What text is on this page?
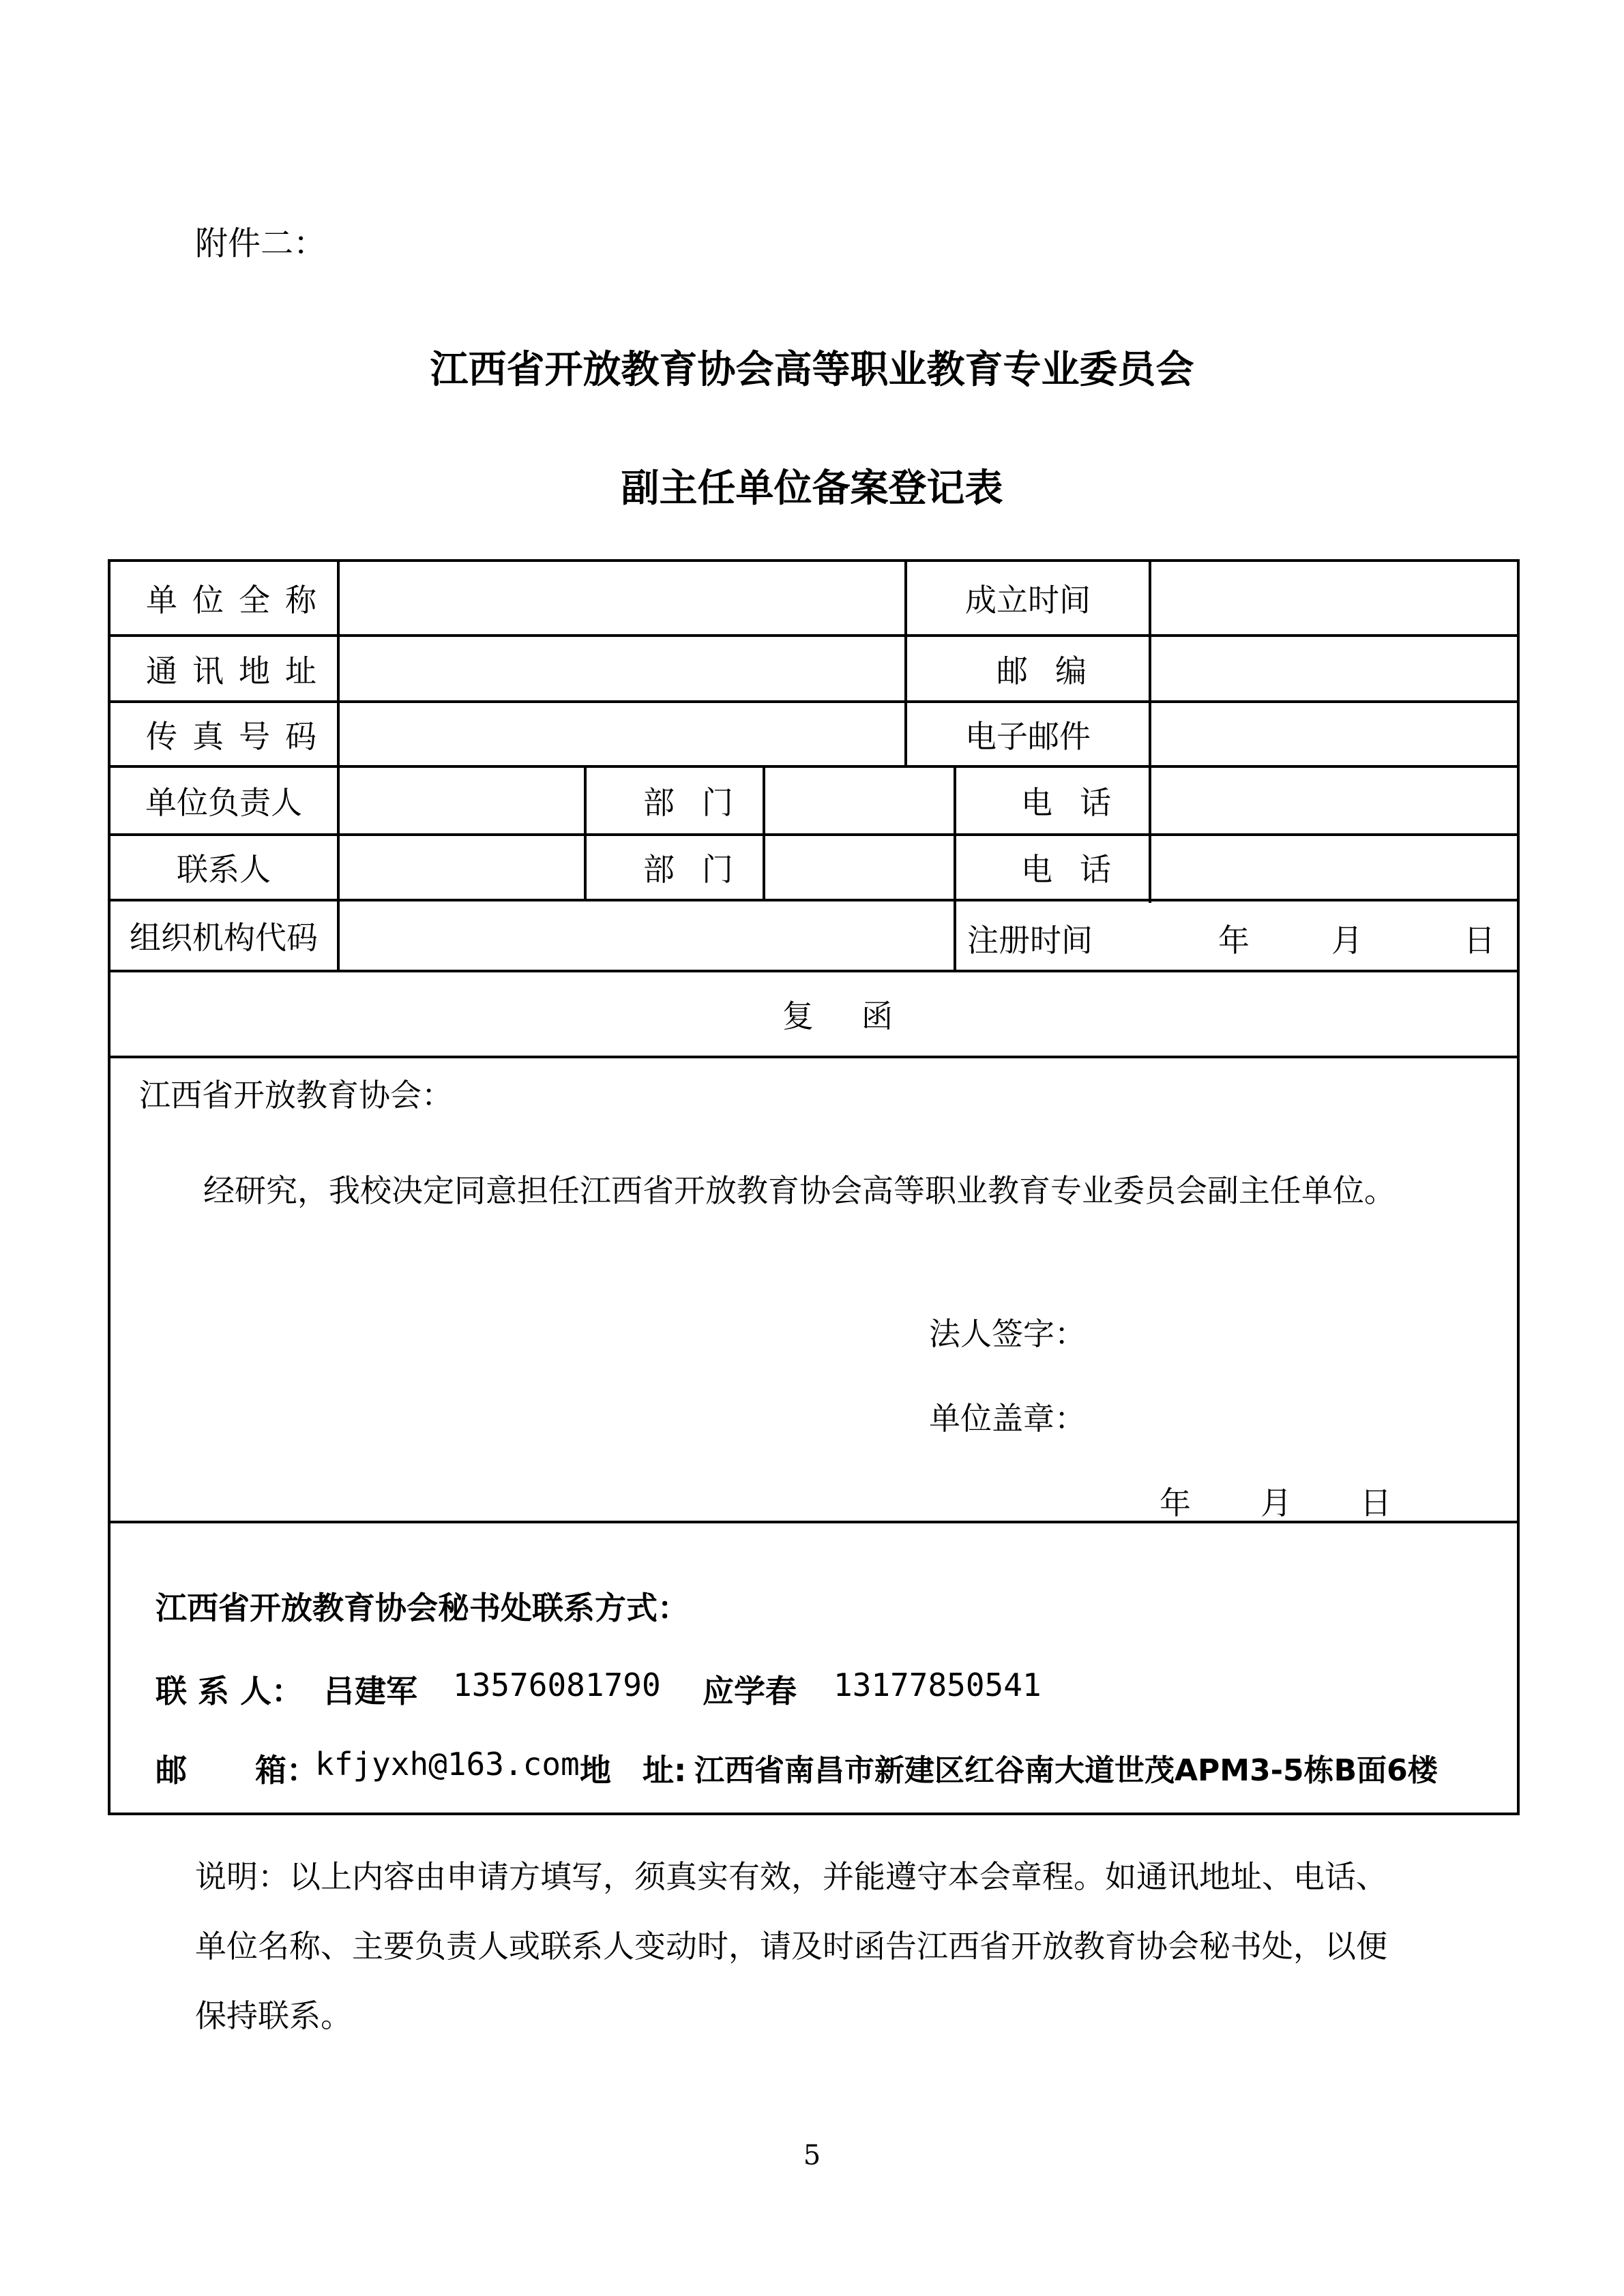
附件二：
江西省开放教育协会高等职业教育专业委员会
副主任单位备案登记表
单位全称	成立时间
通讯地址	邮编
传真号码	电子邮件
单位负责人	部门	电话
联系人	部门	电话
组织机构代码	注册时间	年	月	日
复函
江西省开放教育协会：
经研究，我校决定同意担任江西省开放教育协会高等职业教育专业委员会副主任单位。
法人签字：
单位盖章：
年 月 日
江西省开放教育协会秘书处联系方式：
联 系 人： 吕建军 13576081790 应学春 13177850541
邮 箱：
kfjyxh@163.com 地　址: 江西省南昌市新建区红谷南大道世茂APM3-5栋B面6楼
说明：以上内容由申请方填写，须真实有效，并能遵守本会章程。如通讯地址、电话、
单位名称、主要负责人或联系人变动时，请及时函告江西省开放教育协会秘书处，以便
保持联系。
5
